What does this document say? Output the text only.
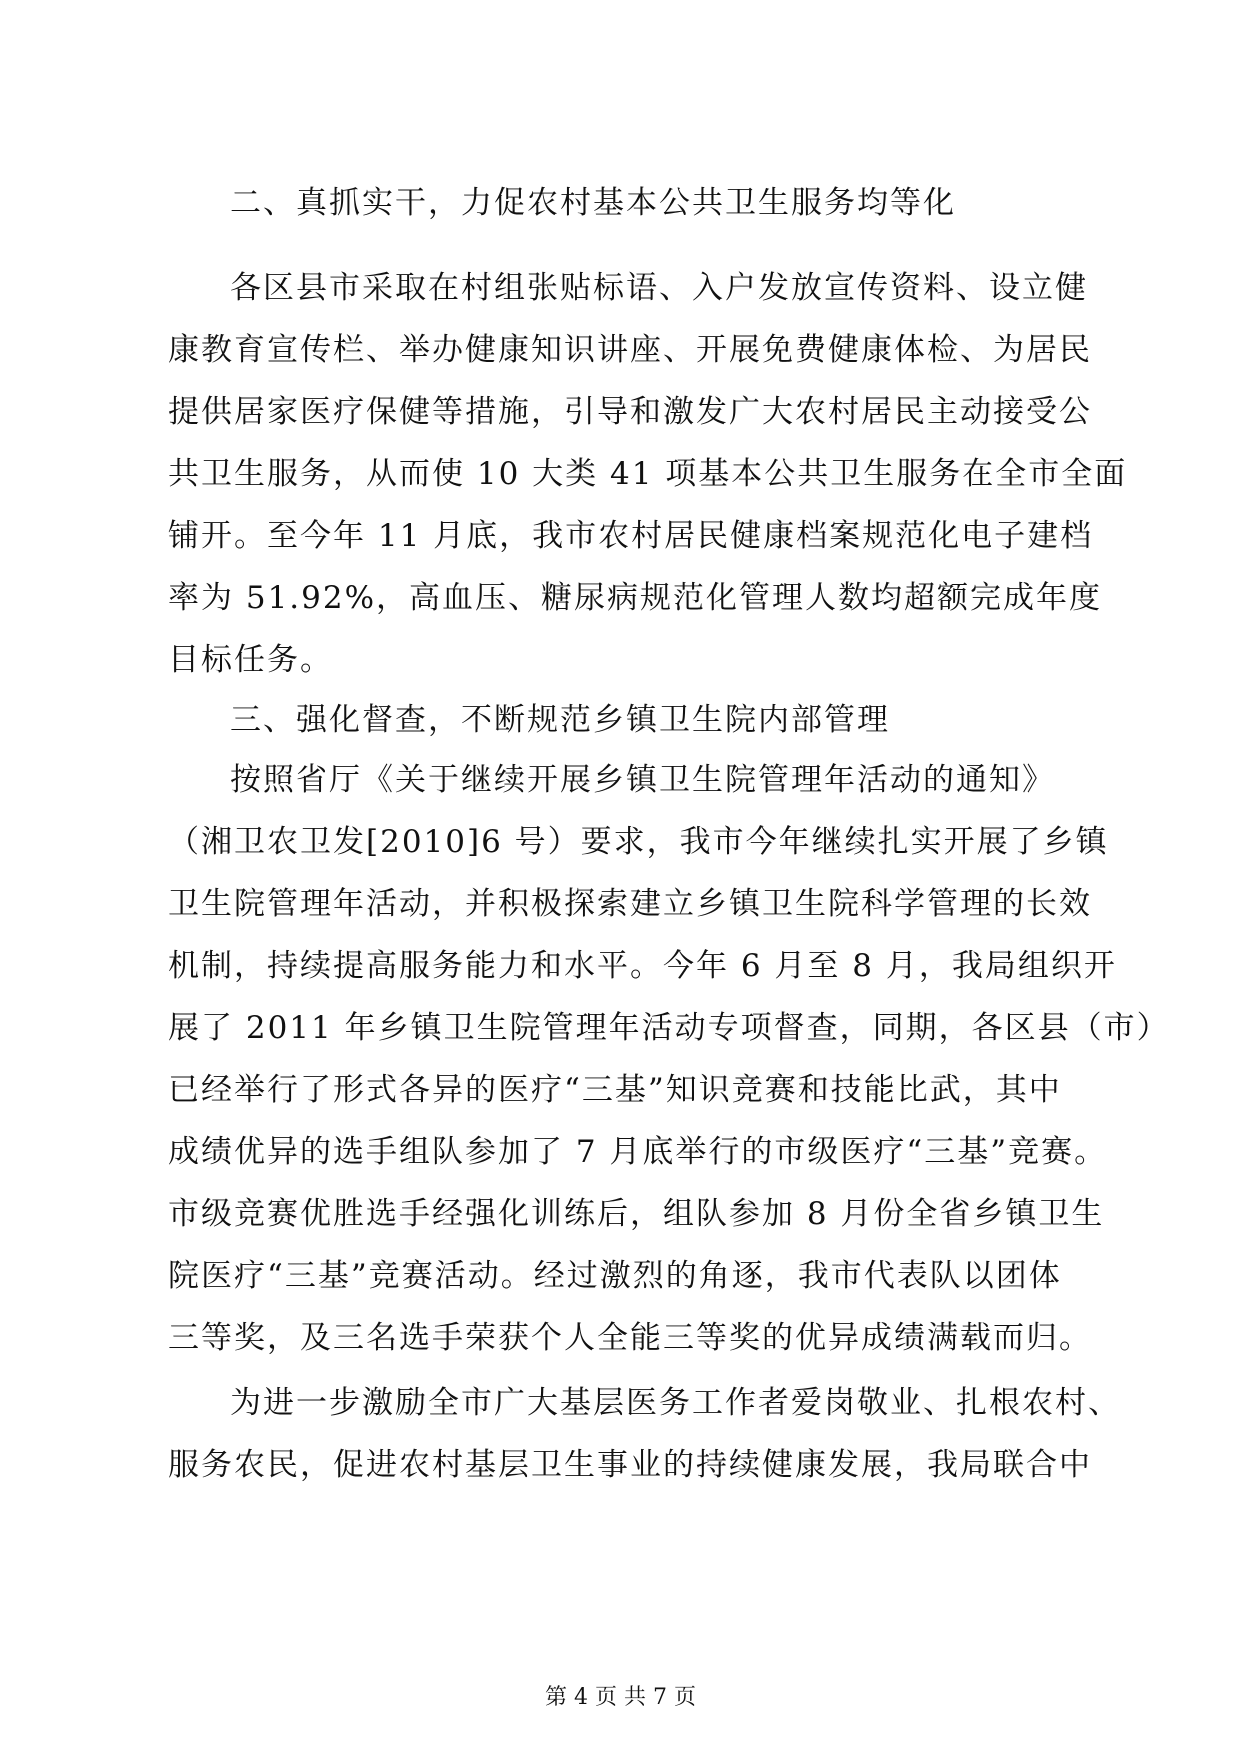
二、真抓实干，力促农村基本公共卫生服务均等化
各区县市采取在村组张贴标语、入户发放宣传资料、设立健
康教育宣传栏、举办健康知识讲座、开展免费健康体检、为居民
提供居家医疗保健等措施，引导和激发广大农村居民主动接受公
共卫生服务，从而使 10 大类 41 项基本公共卫生服务在全市全面
铺开。至今年 11 月底，我市农村居民健康档案规范化电子建档
率为 51.92%，高血压、糖尿病规范化管理人数均超额完成年度
目标任务。
三、强化督查，不断规范乡镇卫生院内部管理
按照省厅《关于继续开展乡镇卫生院管理年活动的通知》
（湘卫农卫发[2010]6 号）要求，我市今年继续扎实开展了乡镇
卫生院管理年活动，并积极探索建立乡镇卫生院科学管理的长效
机制，持续提高服务能力和水平。今年 6 月至 8 月，我局组织开
展了 2011 年乡镇卫生院管理年活动专项督查，同期，各区县（市）
已经举行了形式各异的医疗“三基”知识竞赛和技能比武，其中
成绩优异的选手组队参加了 7 月底举行的市级医疗“三基”竞赛。
市级竞赛优胜选手经强化训练后，组队参加 8 月份全省乡镇卫生
院医疗“三基”竞赛活动。经过激烈的角逐，我市代表队以团体
三等奖，及三名选手荣获个人全能三等奖的优异成绩满载而归。
为进一步激励全市广大基层医务工作者爱岗敬业、扎根农村、
服务农民，促进农村基层卫生事业的持续健康发展，我局联合中
第 4 页 共 7 页
